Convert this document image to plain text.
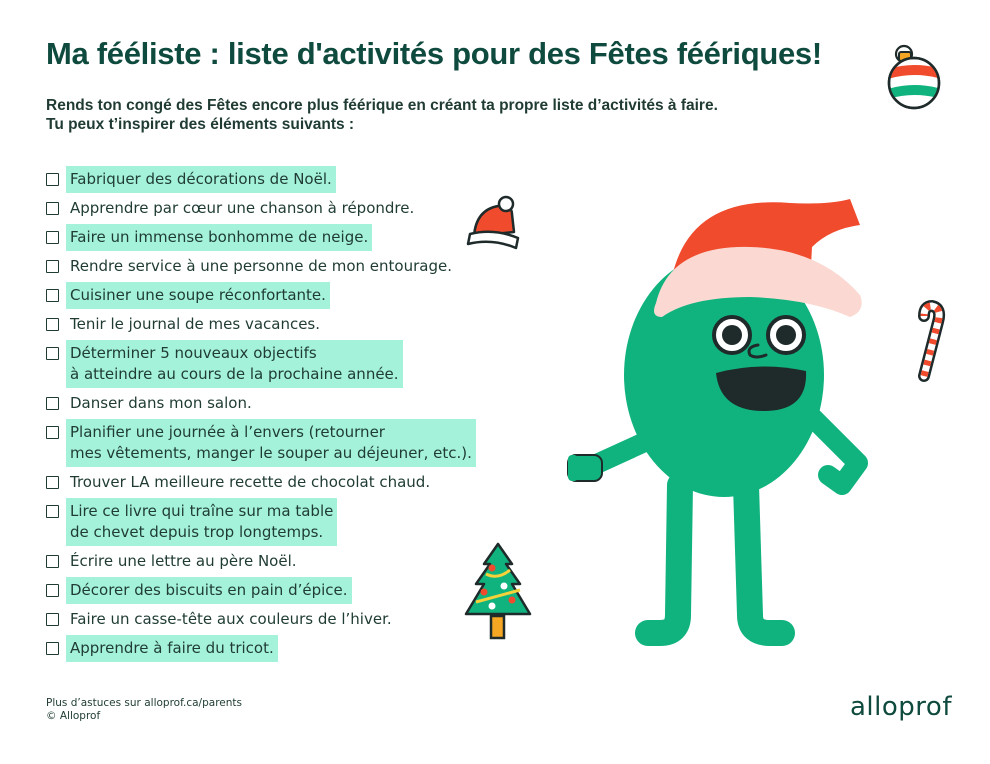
Ma fééliste : liste d'activités pour des Fêtes féériques!
Rends ton congé des Fêtes encore plus féérique en créant ta propre liste d’activités à faire.
Tu peux t’inspirer des éléments suivants :
Fabriquer des décorations de Noël.
Apprendre par cœur une chanson à répondre.
Faire un immense bonhomme de neige.
Rendre service à une personne de mon entourage.
Cuisiner une soupe réconfortante.
Tenir le journal de mes vacances.
Déterminer 5 nouveaux objectifs
à atteindre au cours de la prochaine année.
Danser dans mon salon.
Planifier une journée à l’envers (retourner
mes vêtements, manger le souper au déjeuner, etc.).
Trouver LA meilleure recette de chocolat chaud.
Lire ce livre qui traîne sur ma table
de chevet depuis trop longtemps.
Écrire une lettre au père Noël.
Décorer des biscuits en pain d’épice.
Faire un casse-tête aux couleurs de l’hiver.
Apprendre à faire du tricot.
Plus d’astuces sur alloprof.ca/parents
© Alloprof	alloprof
